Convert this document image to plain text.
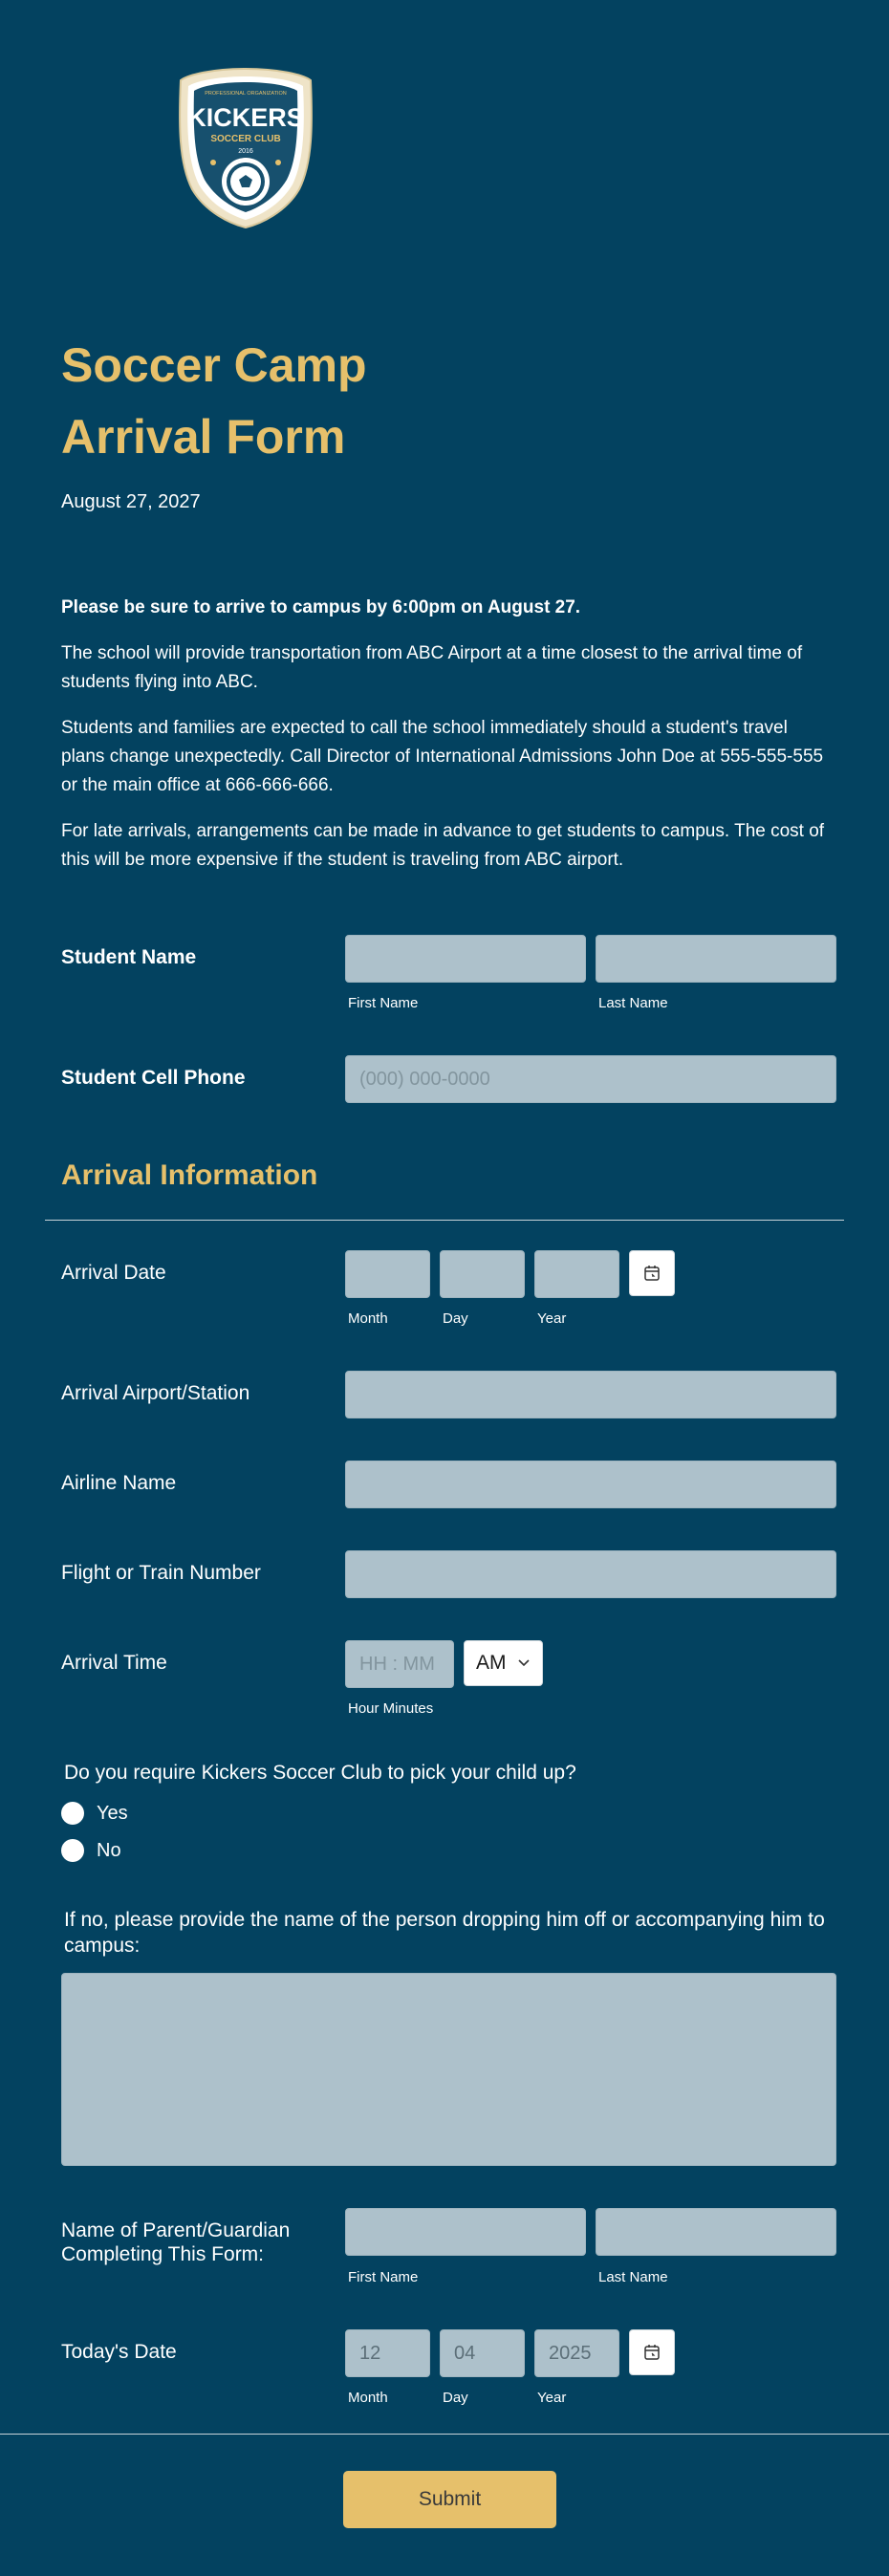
PROFESSIONAL ORGANIZATION
KICKERS
SOCCER CLUB
2016
Soccer Camp
Arrival Form
August 27, 2027
Please be sure to arrive to campus by 6:00pm on August 27.
The school will provide transportation from ABC Airport at a time closest to the arrival time of students flying into ABC.
Students and families are expected to call the school immediately should a student's travel plans change unexpectedly. Call Director of International Admissions John Doe at 555-555-555 or the main office at 666-666-666.
For late arrivals, arrangements can be made in advance to get students to campus. The cost of this will be more expensive if the student is traveling from ABC airport.
Student Name
First Name	Last Name
Student Cell Phone	(000) 000-0000
Arrival Information
Arrival Date
Month	Day	Year
Arrival Airport/Station
Airline Name
Flight or Train Number
Arrival Time	HH : MM	AM
Hour Minutes
Do you require Kickers Soccer Club to pick your child up?
Yes
No
If no, please provide the name of the person dropping him off or accompanying him to campus:
Name of Parent/Guardian
Completing This Form:
First Name	Last Name
Today's Date	12	04	2025
Month	Day	Year
Submit
